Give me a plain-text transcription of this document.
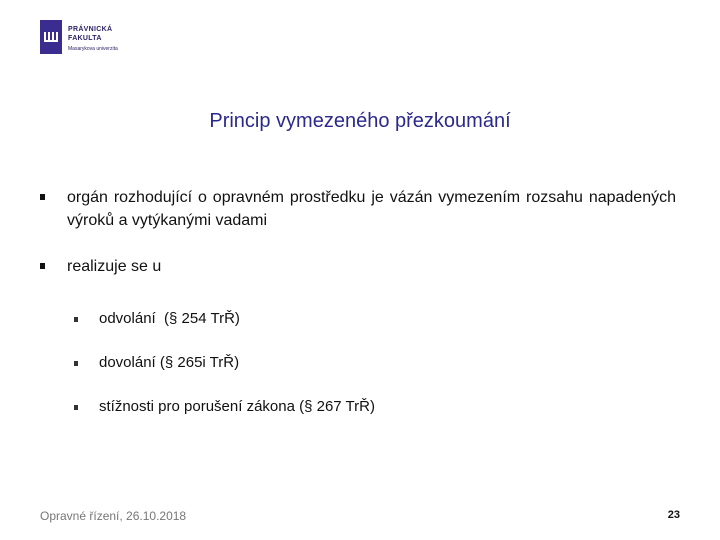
PRÁVNICKÁ
FAKULTA
Masarykova univerzita
Princip vymezeného přezkoumání
orgán rozhodující o opravném prostředku je vázán vymezením rozsahu napadených výroků a vytýkanými vadami
realizuje se u
odvolání  (§ 254 TrŘ)
dovolání (§ 265i TrŘ)
stížnosti pro porušení zákona (§ 267 TrŘ)
Opravné řízení, 26.10.2018	23
